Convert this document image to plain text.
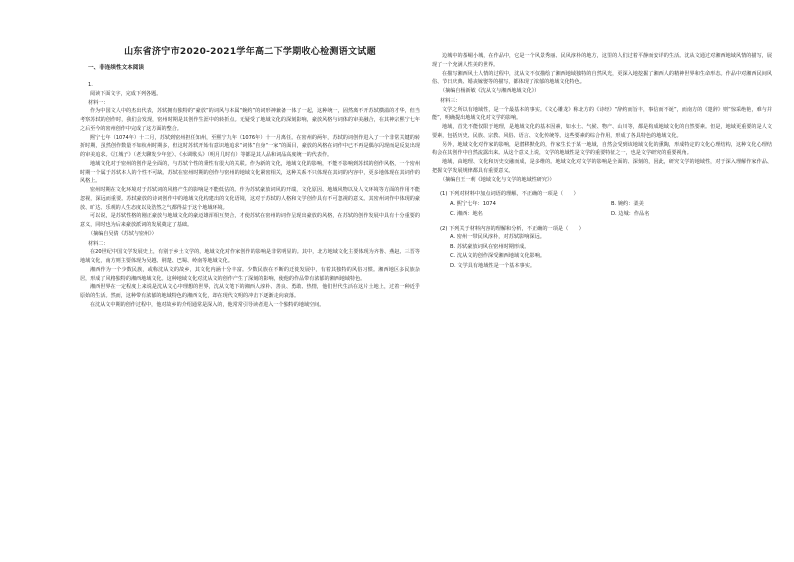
山东省济宁市2020-2021学年高二下学期收心检测语文试题
一、非连续性文本阅读
1.

阅读下面文字，完成下列各题。

材料一：

作为中国文人中的杰出代表，苏轼拥有独特的“豪放”的词风与本属“婉约”的词形神兼备一体了一起，这种统一，固然离不开苏轼横溢的才华，但当考察苏轼的创作时，我们会发现，密州时期是其创作生涯中的转折点。无疑受了地域文化的深刻影响，豪放风格与词体的审美融合，在其神宗熙宁七年之后至今的密州创作中完成了这方面的整合。

熙宁七年（1074年）十二月，苏轼到密州担任知州，至熙宁九年（1076年）十一月离任。在密州的两年，苏轼的词创作进入了一个非常关键的转折时期，虽然创作数量不如杭州时期多，但这时苏轼开始有意识地追求“词体”自身“一家”的面目，豪放的风格在词作中已不再是偶尔闪现而是反复出现的审美追求。《江城子》（老夫聊发少年狂）、《水调歌头》（明月几时有）等都是其人品和词品高度统一的代表作。

地域文化对于密州的创作是全面的，与苏轼个性的秉性有很大的关联。作为新的文化，地域文化的影响，不能不影响到苏轼的创作风格，一个密州时期一个属于苏轼本人的个性不可缺。苏轼在密州时期的创作与密州的地域文化紧密相关，这种关系不只体现在其词的内容中，更多地体现在其词作的风格上。

密州时期在文化环境对于苏轼词的风格产生的影响是不能低估的。作为苏轼豪放词风的开端，文化原因、地域风物以及人文环境等方面的作用不能忽视，深远而重要。苏轼豪放的诗词创作中的地域文化构建出的文化语境，这对于苏轼的人格和文学创作具有不可忽视的意义。其密州词作中体现的豪放、旷达、乐观的人生态度以及浩然之气都得益于这个地域环境。

可以说，是苏轼性格的刚正豪放与地域文化的豪迈雄浑相互契合，才使苏轼在密州的词作呈现出豪放的风格，在苏轼的创作发展中具有十分重要的意义，同时也为后来豪放派词的发展奠定了基础。

（摘编自吴倩《苏轼与密州》）
材料二：

在20世纪中国文学发展史上，有别于乡土文学的，地域文化对作家创作的影响是非常明显的。其中，北方地域文化主要体现为齐鲁、燕赵、三晋等地域文化，南方则主要体现为吴越、荆楚、巴蜀、岭南等地域文化。

湘西作为一个少数民族，或称沈从文的故乡，其文化内涵十分丰富。少数民族在不断的迁徙发展中，有着其独特的风俗习惯。湘西地区多民族杂居，形成了风格独特的湘西地域文化。这种地域文化对沈从文的创作产生了深刻的影响，使他的作品带有浓郁的湘西地域特色。

湘西世界在一定程度上来说是沈从文心中理想的世界，沈从文笔下的湘西人淳朴、善良、勇敢、热情，他们世代生活在这片土地上，过着一种近乎原始的生活。然而，这种带有浓郁的地域特色的湘西文化，却在现代文明的冲击下逐渐走向衰落。

在沈从文中期的创作过程中，他对故乡的介绍通常是深入的，他常常引导读者进入一个独特的地域空间。

边城中的茶峒小城，在作品中，它是一个风景秀丽、民风淳朴的地方，这里的人们过着平静而安详的生活。沈从文通过对湘西地域风情的描写，展现了一个充满人性美的世界。

在描写湘西风土人情的过程中，沈从文不仅描绘了湘西地域独特的自然风光，更深入地挖掘了湘西人的精神世界和生命形态。作品中对湘西民间风俗、节日庆典、婚丧嫁娶等的描写，都体现了浓郁的地域文化特色。

（摘编自杨新敏《沈从文与湘西地域文化》）
材料三：

文学之所以有地域性，是一个最基本的事实。《文心雕龙》称北方的《诗经》“辞约而旨丰，事信而不诞”，而南方的《楚辞》则“惊采绝艳，难与并能”，明确提出地域文化对文学的影响。

地域，首先不能仅限于地理，是地域文化的基本因素，如水土、气候、物产、山川等，都是构成地域文化的自然要素。但是，地域更重要的是人文要素，包括历史、民族、宗教、风俗、语言、文化传统等。这些要素的综合作用，形成了各具特色的地域文化。

另外，地域文化对作家的影响，是潜移默化的，作家生长于某一地域，自然会受到该地域文化的熏陶，形成特定的文化心理结构，这种文化心理结构会在其创作中自然流露出来。从这个意义上说，文学的地域性是文学的重要特征之一，也是文学研究的重要视角。

地域，由地理、文化和历史交融而成，是多维的。地域文化对文学的影响是全面的、深刻的，因此，研究文学的地域性，对于深入理解作家作品、把握文学发展规律都具有重要意义。

（摘编自王一莉《地域文化与文学的地域性研究》）
(1) 下列对材料中加点词语的理解，不正确的一项是（　　）
A. 熙宁七年：1074	B. 婉约：柔美
C. 湘西：地名	D. 边城：作品名
(2) 下列关于材料内容的理解和分析，不正确的一项是（　　）
A. 密州一带民风淳朴，对苏轼影响深远。
B. 苏轼豪放词风在密州时期形成。
C. 沈从文的创作深受湘西地域文化影响。
D. 文学具有地域性是一个基本事实。
